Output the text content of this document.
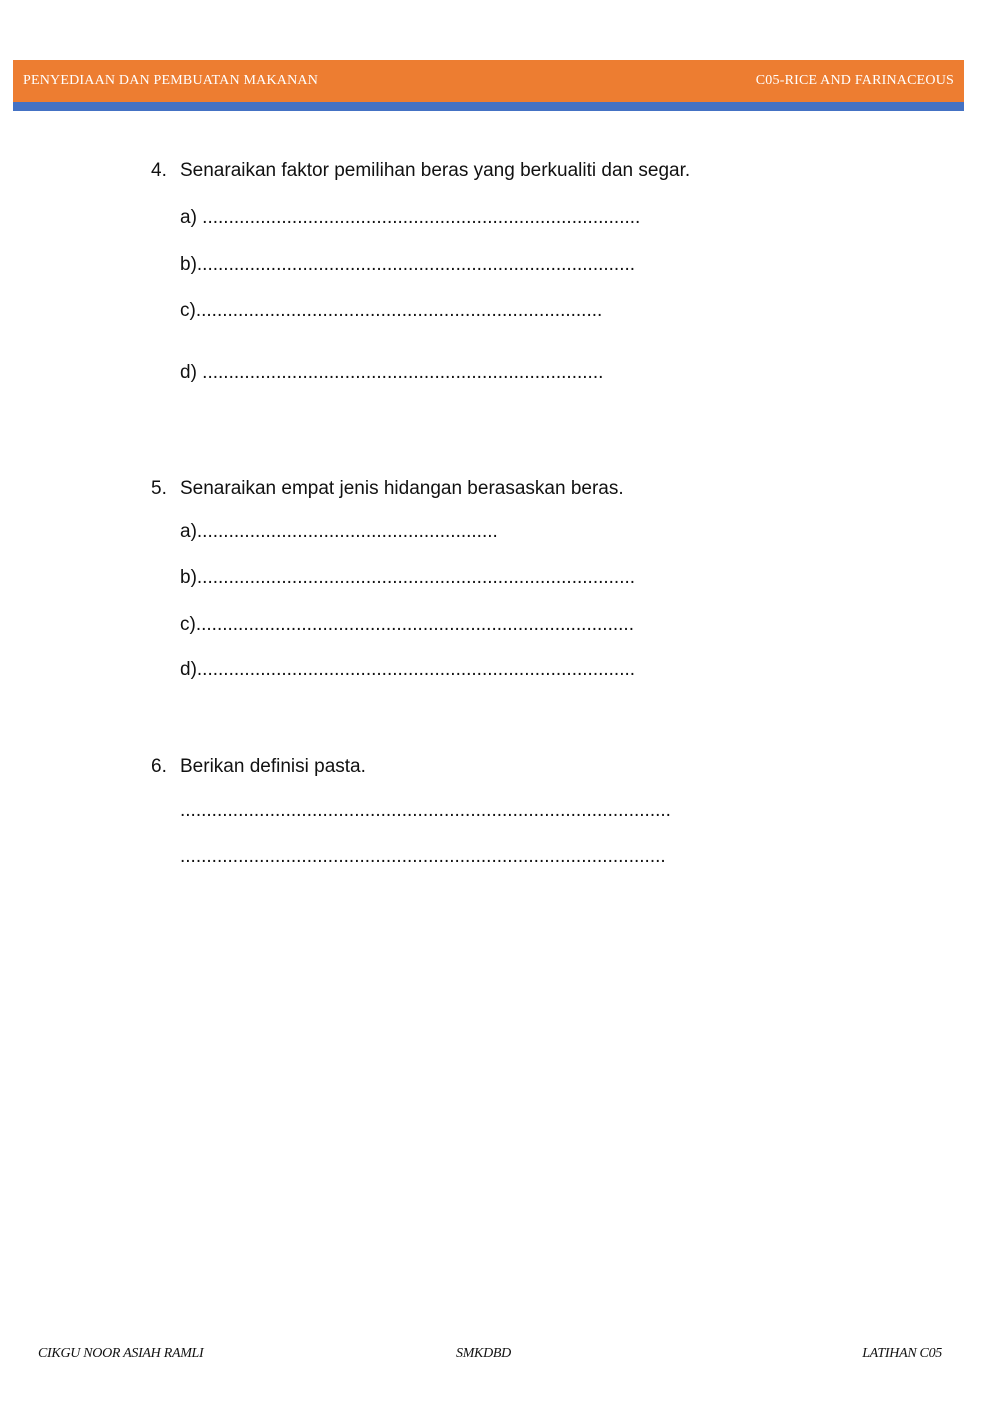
PENYEDIAAN DAN PEMBUATAN MAKANAN	C05-RICE AND FARINACEOUS
4. Senaraikan faktor pemilihan beras yang berkualiti dan segar.
a) ...................................................................................
b)...................................................................................
c).............................................................................
d) ............................................................................
5. Senaraikan empat jenis hidangan berasaskan beras.
a).........................................................
b)...................................................................................
c)...................................................................................
d)...................................................................................
6. Berikan definisi pasta.
.............................................................................................
............................................................................................
CIKGU NOOR ASIAH RAMLI	SMKDBD	LATIHAN C05
